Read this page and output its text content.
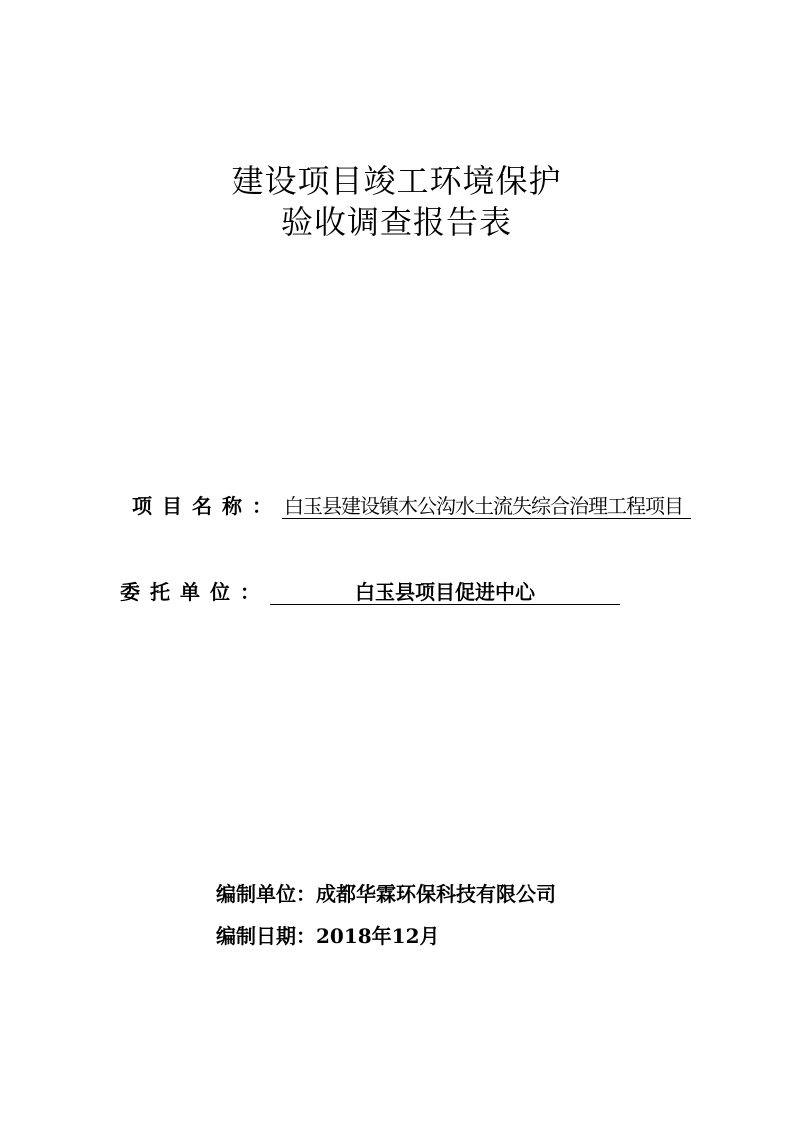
建设项目竣工环境保护
验收调查报告表
项目名称： 白玉县建设镇木公沟水土流失综合治理工程项目
委托单位：	白玉县项目促进中心
编制单位：成都华霖环保科技有限公司
编制日期：2018年12月
